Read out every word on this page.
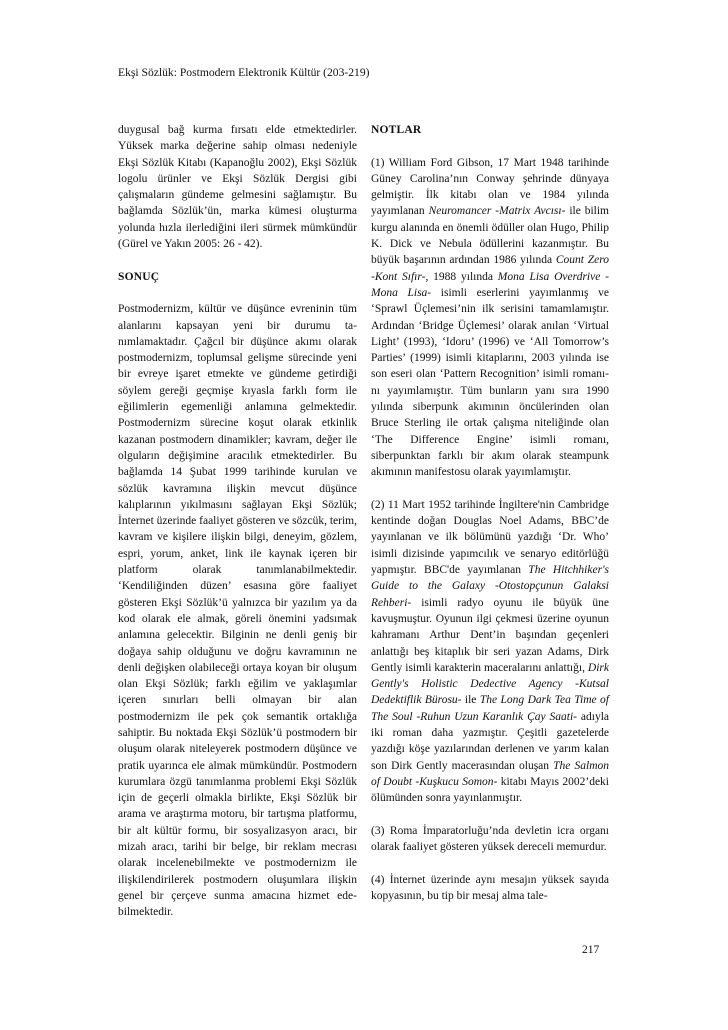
Ekşi Sözlük: Postmodern Elektronik Kültür (203-219)

duygusal bağ kurma fırsatı elde etmektedirler. Yüksek marka değerine sahip olması nedeniyle Ekşi Sözlük Kitabı (Kapanoğlu 2002), Ekşi Sözlük logolu ürünler ve Ekşi Sözlük Dergisi gibi çalışmaların gündeme gelmesini sağlamıştır. Bu bağlamda Sözlük’ün, marka kümesi oluşturma yolunda hızla ilerlediğini ileri sürmek mümkündür (Gürel ve Yakın 2005: 26 - 42).

SONUÇ

Postmodernizm, kültür ve düşünce evreninin tüm alanlarını kapsayan yeni bir durumu tanımlamaktadır. Çağcıl bir düşünce akımı olarak postmodernizm, toplumsal gelişme sürecinde yeni bir evreye işaret etmekte ve gündeme getirdiği söylem gereği geçmişe kıyasla farklı form ile eğilimlerin egemenliği anlamına gelmektedir. Postmodernizm sürecine koşut olarak etkinlik kazanan postmodern dinamikler; kavram, değer ile olguların değişimine aracılık etmektedirler. Bu bağlamda 14 Şubat 1999 tarihinde kurulan ve sözlük kavramına ilişkin mevcut düşünce kalıplarının yıkılmasını sağlayan Ekşi Sözlük; İnternet üzerinde faaliyet gösteren ve sözcük, terim, kavram ve kişilere ilişkin bilgi, deneyim, gözlem, espri, yorum, anket, link ile kaynak içeren bir platform olarak tanımlanabilmektedir. ‘Kendiliğinden düzen’ esasına göre faaliyet gösteren Ekşi Sözlük’ü yalnızca bir yazılım ya da kod olarak ele almak, göreli önemini yadsımak anlamına gelecektir. Bilginin ne denli geniş bir doğaya sahip olduğunu ve doğru kavramının ne denli değişken olabileceği ortaya koyan bir oluşum olan Ekşi Sözlük; farklı eğilim ve yaklaşımlar içeren sınırları belli olmayan bir alan postmodernizm ile pek çok semantik ortaklığa sahiptir. Bu noktada Ekşi Sözlük’ü postmodern bir oluşum olarak niteleyerek postmodern düşünce ve pratik uyarınca ele almak mümkündür. Postmodern kurumlara özgü tanımlanma problemi Ekşi Sözlük için de geçerli olmakla birlikte, Ekşi Sözlük bir arama ve araştırma motoru, bir tartışma platformu, bir alt kültür formu, bir sosyalizasyon aracı, bir mizah aracı, tarihi bir belge, bir reklam mecrası olarak incelenebilmekte ve postmodernizm ile ilişkilendirilerek postmodern oluşumlara ilişkin genel bir çerçeve sunma amacına hizmet edebilmektedir.

NOTLAR

(1) William Ford Gibson, 17 Mart 1948 tarihinde Güney Carolina’nın Conway şehrinde dünyaya gelmiştir. İlk kitabı olan ve 1984 yılında yayımlanan Neuromancer -Matrix Avcısı- ile bilim kurgu alanında en önemli ödüller olan Hugo, Philip K. Dick ve Nebula ödüllerini kazanmıştır. Bu büyük başarının ardından 1986 yılında Count Zero -Kont Sıfır-, 1988 yılında Mona Lisa Overdrive -Mona Lisa- isimli eserlerini yayımlanmış ve ‘Sprawl Üçlemesi’nin ilk serisini tamamlamıştır. Ardından ‘Bridge Üçlemesi’ olarak anılan ‘Virtual Light’ (1993), ‘Idoru’ (1996) ve ‘All Tomorrow’s Parties’ (1999) isimli kitaplarını, 2003 yılında ise son eseri olan ‘Pattern Recognition’ isimli romanını yayımlamıştır. Tüm bunların yanı sıra 1990 yılında siberpunk akımının öncülerinden olan Bruce Sterling ile ortak çalışma niteliğinde olan ‘The Difference Engine’ isimli romanı, siberpunktan farklı bir akım olarak steampunk akımının manifestosu olarak yayımlamıştır.

(2) 11 Mart 1952 tarihinde İngiltere'nin Cambridge kentinde doğan Douglas Noel Adams, BBC’de yayınlanan ve ilk bölümünü yazdığı ‘Dr. Who’ isimli dizisinde yapımcılık ve senaryo editörlüğü yapmıştır. BBC'de yayımlanan The Hitchhiker's Guide to the Galaxy -Otostopçunun Galaksi Rehberi- isimli radyo oyunu ile büyük üne kavuşmuştur. Oyunun ilgi çekmesi üzerine oyunun kahramanı Arthur Dent’in başından geçenleri anlattığı beş kitaplık bir seri yazan Adams, Dirk Gently isimli karakterin maceralarını anlattığı, Dirk Gently's Holistic Dedective Agency -Kutsal Dedektiflik Bürosu- ile The Long Dark Tea Time of The Soul -Ruhun Uzun Karanlık Çay Saati- adıyla iki roman daha yazmıştır. Çeşitli gazetelerde yazdığı köşe yazılarından derlenen ve yarım kalan son Dirk Gently macerasından oluşan The Salmon of Doubt -Kuşkucu Somon- kitabı Mayıs 2002’deki ölümünden sonra yayınlanmıştır.

(3) Roma İmparatorluğu’nda devletin icra organı olarak faaliyet gösteren yüksek dereceli memurdur.

(4) İnternet üzerinde aynı mesajın yüksek sayıda kopyasının, bu tip bir mesaj alma tale-

217
